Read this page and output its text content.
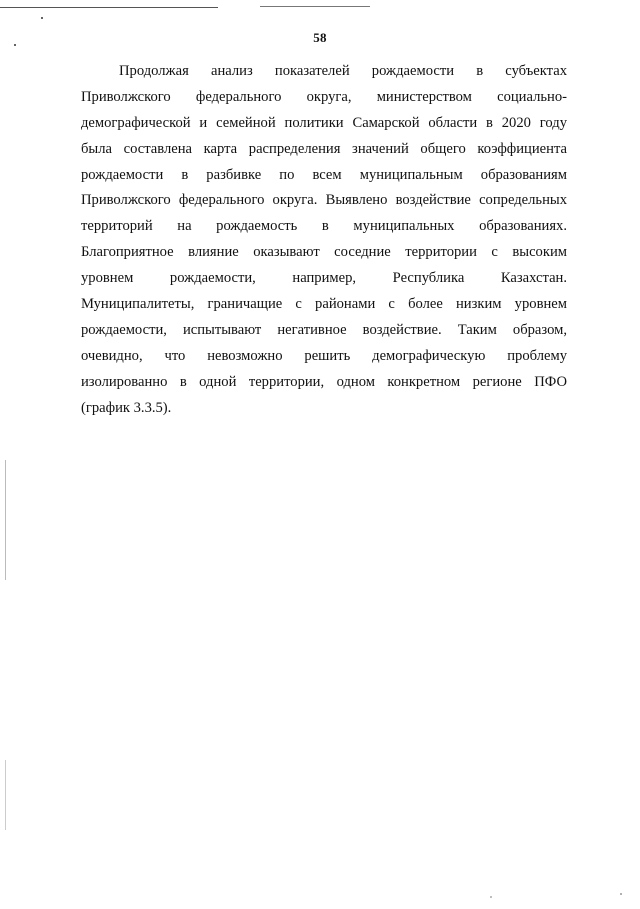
58
Продолжая анализ показателей рождаемости в субъектах
Приволжского федерального округа, министерством социально-
демографической и семейной политики Самарской области в 2020 году
была составлена карта распределения значений общего коэффициента
рождаемости в разбивке по всем муниципальным образованиям
Приволжского федерального округа. Выявлено воздействие сопредельных
территорий на рождаемость в муниципальных образованиях.
Благоприятное влияние оказывают соседние территории с высоким
уровнем рождаемости, например, Республика Казахстан.
Муниципалитеты, граничащие с районами с более низким уровнем
рождаемости, испытывают негативное воздействие. Таким образом,
очевидно, что невозможно решить демографическую проблему
изолированно в одной территории, одном конкретном регионе ПФО
(график 3.3.5).
